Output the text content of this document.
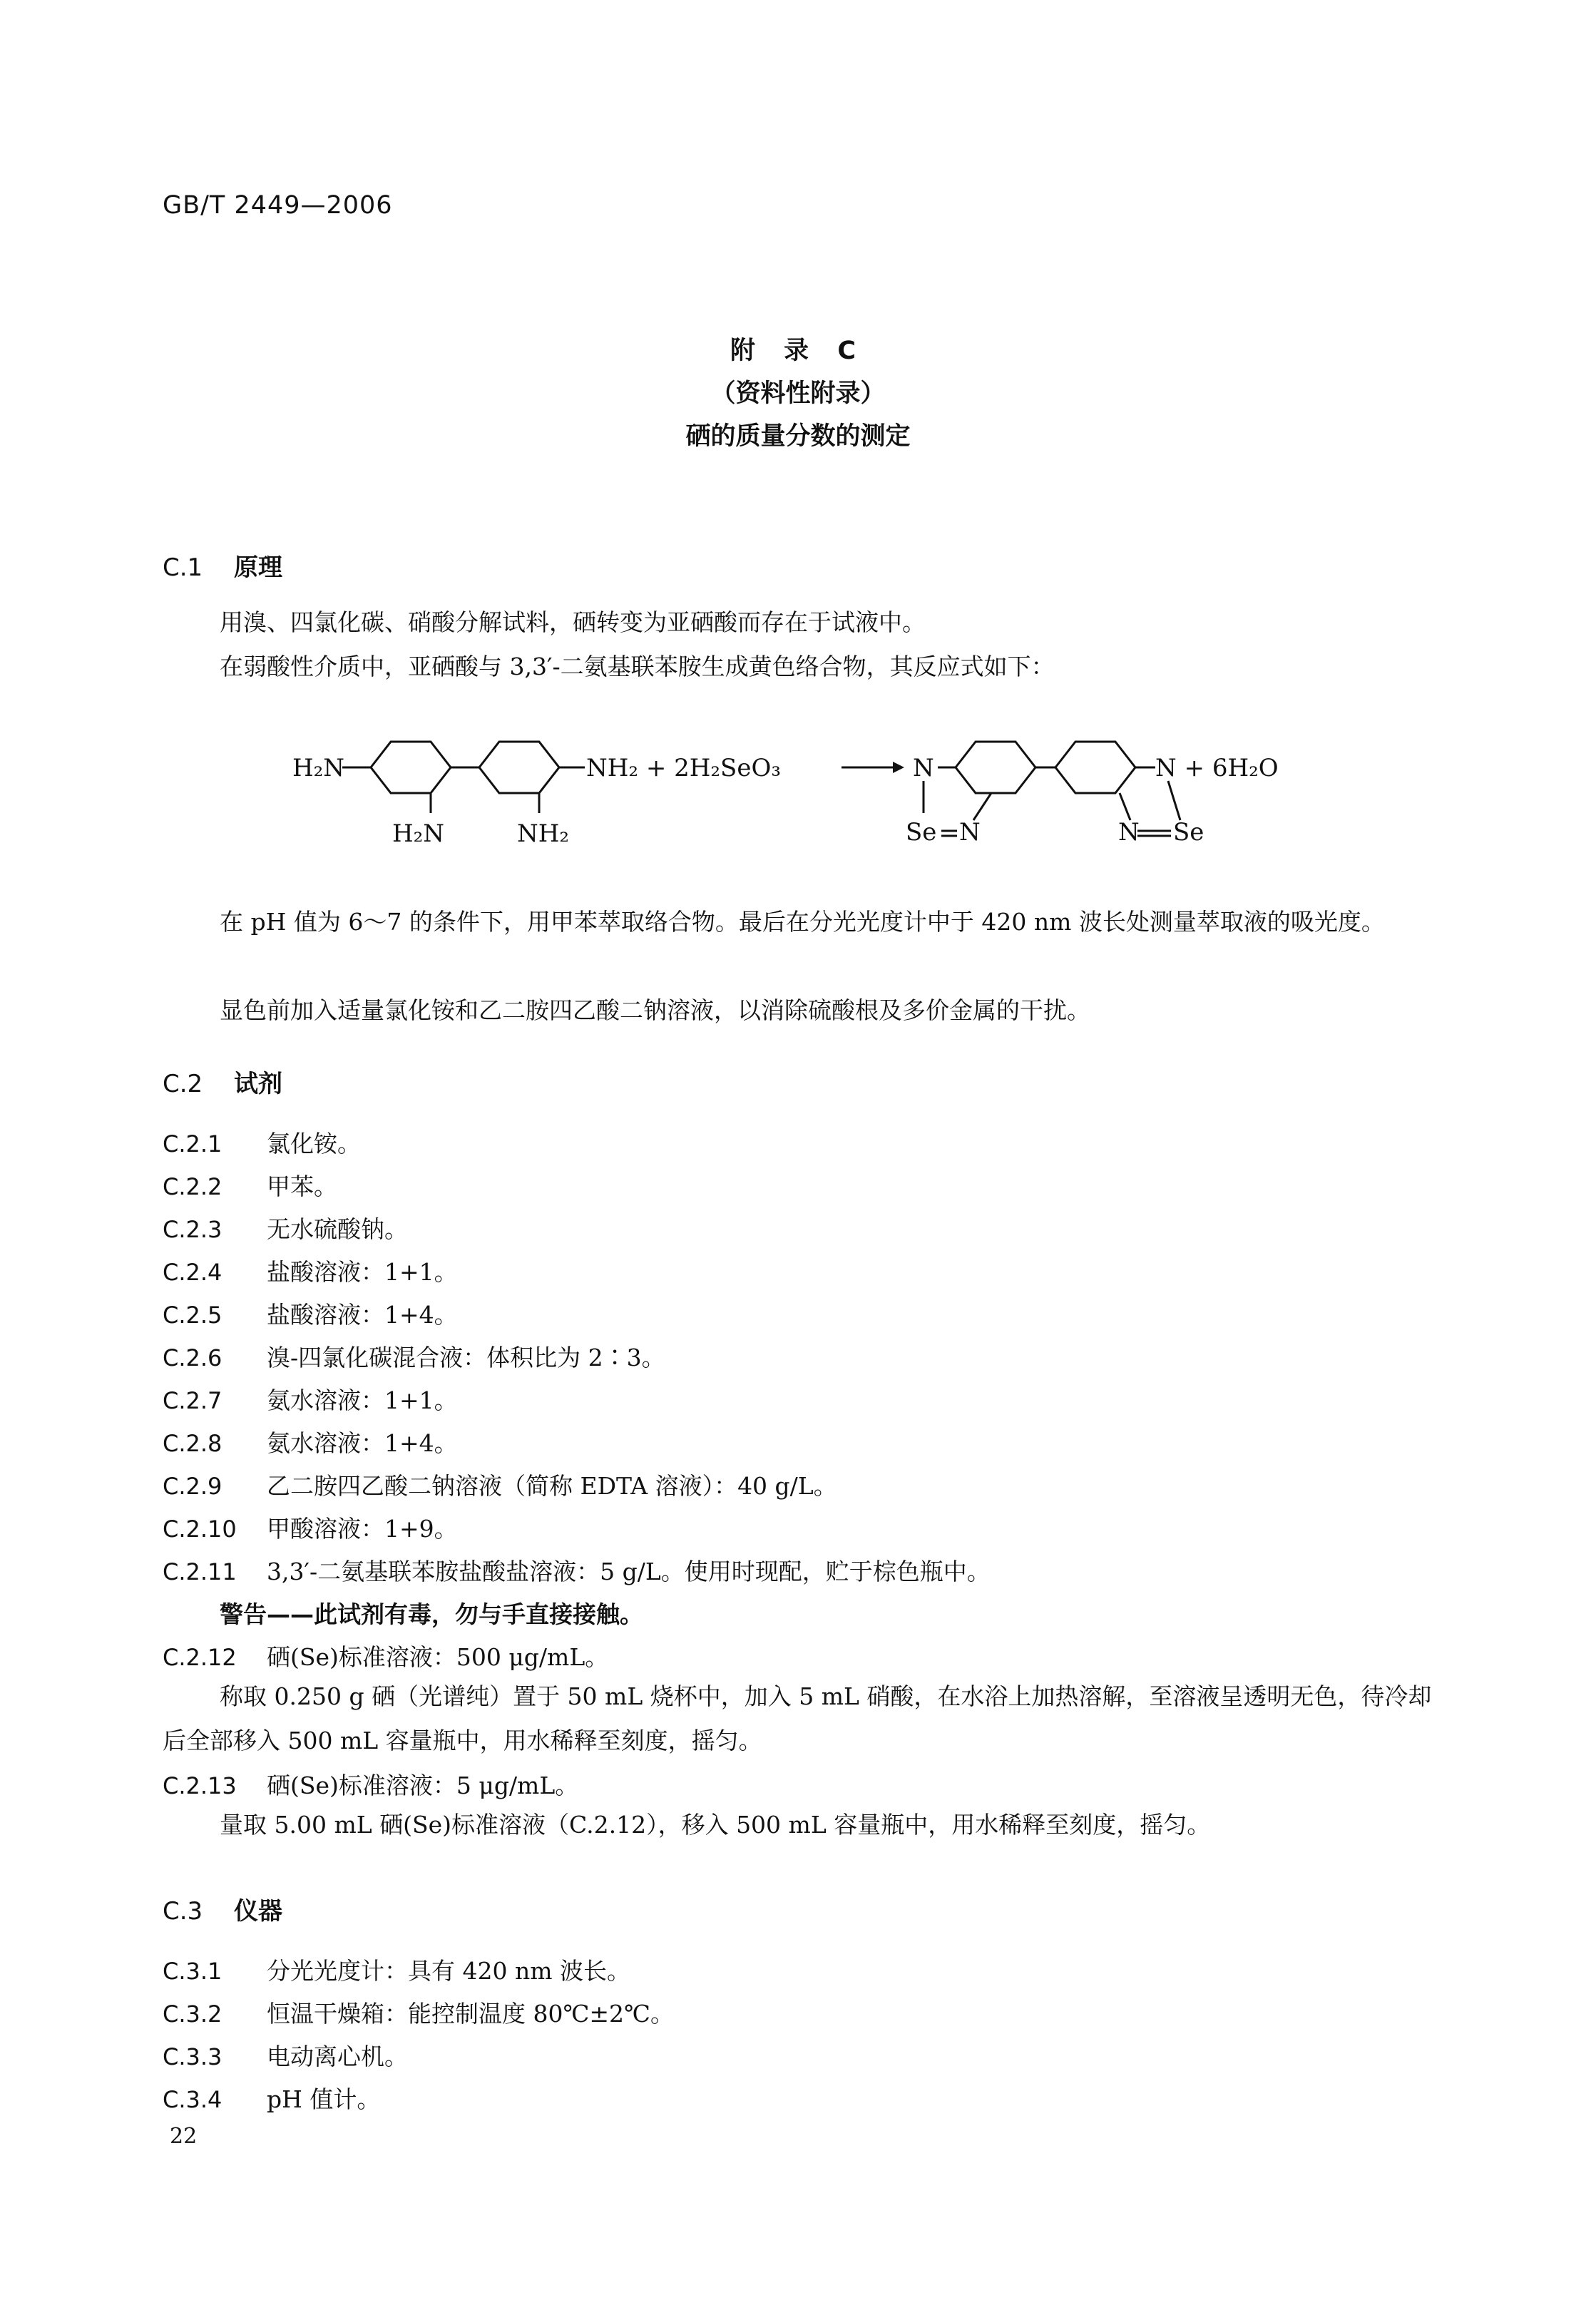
GB/T 2449—2006
附 录 C
（资料性附录）
硒的质量分数的测定
C.1 原理
用溴、四氯化碳、硝酸分解试料，硒转变为亚硒酸而存在于试液中。
在弱酸性介质中，亚硒酸与 3,3′-二氨基联苯胺生成黄色络合物，其反应式如下：
H₂N	NH₂ + 2H₂SeO₃
H₂N	NH₂
N
Se N
N + 6H₂O
N Se
在 pH 值为 6～7 的条件下，用甲苯萃取络合物。最后在分光光度计中于 420 nm 波长处测量萃取液的吸光度。
显色前加入适量氯化铵和乙二胺四乙酸二钠溶液，以消除硫酸根及多价金属的干扰。
C.2 试剂
C.2.1 氯化铵。
C.2.2 甲苯。
C.2.3 无水硫酸钠。
C.2.4 盐酸溶液：1+1。
C.2.5 盐酸溶液：1+4。
C.2.6 溴-四氯化碳混合液：体积比为 2∶3。
C.2.7 氨水溶液：1+1。
C.2.8 氨水溶液：1+4。
C.2.9 乙二胺四乙酸二钠溶液（简称 EDTA 溶液）：40 g/L。
C.2.10 甲酸溶液：1+9。
C.2.11 3,3′-二氨基联苯胺盐酸盐溶液：5 g/L。使用时现配，贮于棕色瓶中。
警告——此试剂有毒，勿与手直接接触。
C.2.12 硒(Se)标准溶液：500 μg/mL。
称取 0.250 g 硒（光谱纯）置于 50 mL 烧杯中，加入 5 mL 硝酸，在水浴上加热溶解，至溶液呈透明无色，待冷却后全部移入 500 mL 容量瓶中，用水稀释至刻度，摇匀。
C.2.13 硒(Se)标准溶液：5 μg/mL。
量取 5.00 mL 硒(Se)标准溶液（C.2.12），移入 500 mL 容量瓶中，用水稀释至刻度，摇匀。
C.3 仪器
C.3.1 分光光度计：具有 420 nm 波长。
C.3.2 恒温干燥箱：能控制温度 80℃±2℃。
C.3.3 电动离心机。
C.3.4 pH 值计。
22
